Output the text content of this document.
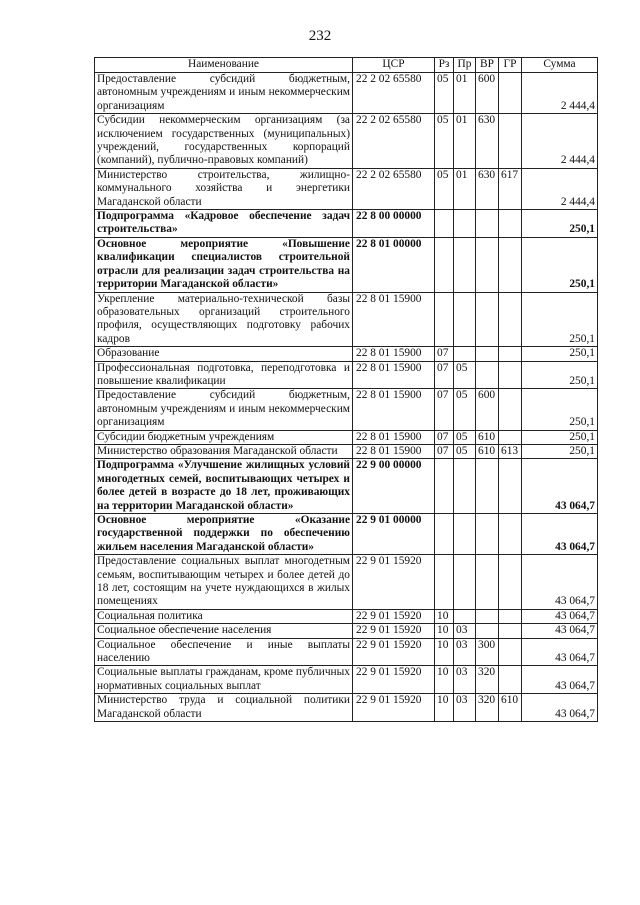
232
Наименование	ЦСР	Рз	Пр	ВР	ГР	Сумма
Предоставление субсидий бюджетным, автономным учреждениям и иным некоммерческим организациям	22 2 02 65580	05	01	600		2 444,4
Субсидии некоммерческим организациям (за исключением государственных (муниципальных) учреждений, государственных корпораций (компаний), публично-правовых компаний)	22 2 02 65580	05	01	630		2 444,4
Министерство строительства, жилищно-коммунального хозяйства и энергетики Магаданской области	22 2 02 65580	05	01	630	617	2 444,4
Подпрограмма «Кадровое обеспечение задач строительства»	22 8 00 00000					250,1
Основное мероприятие «Повышение квалификации специалистов строительной отрасли для реализации задач строительства на территории Магаданской области»	22 8 01 00000					250,1
Укрепление материально-технической базы образовательных организаций строительного профиля, осуществляющих подготовку рабочих кадров	22 8 01 15900					250,1
Образование	22 8 01 15900	07				250,1
Профессиональная подготовка, переподготовка и повышение квалификации	22 8 01 15900	07	05			250,1
Предоставление субсидий бюджетным, автономным учреждениям и иным некоммерческим организациям	22 8 01 15900	07	05	600		250,1
Субсидии бюджетным учреждениям	22 8 01 15900	07	05	610		250,1
Министерство образования Магаданской области	22 8 01 15900	07	05	610	613	250,1
Подпрограмма «Улучшение жилищных условий многодетных семей, воспитывающих четырех и более детей в возрасте до 18 лет, проживающих на территории Магаданской области»	22 9 00 00000					43 064,7
Основное мероприятие «Оказание государственной поддержки по обеспечению жильем населения Магаданской области»	22 9 01 00000					43 064,7
Предоставление социальных выплат многодетным семьям, воспитывающим четырех и более детей до 18 лет, состоящим на учете нуждающихся в жилых помещениях	22 9 01 15920					43 064,7
Социальная политика	22 9 01 15920	10				43 064,7
Социальное обеспечение населения	22 9 01 15920	10	03			43 064,7
Социальное обеспечение и иные выплаты населению	22 9 01 15920	10	03	300		43 064,7
Социальные выплаты гражданам, кроме публичных нормативных социальных выплат	22 9 01 15920	10	03	320		43 064,7
Министерство труда и социальной политики Магаданской области	22 9 01 15920	10	03	320	610	43 064,7
